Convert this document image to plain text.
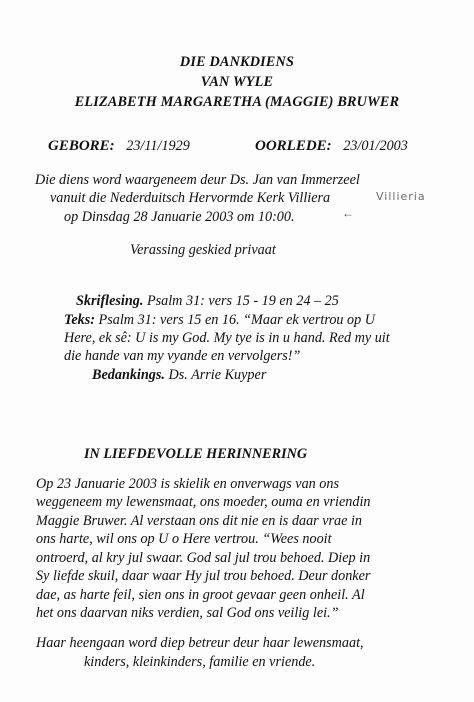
DIE DANKDIENS
VAN WYLE
ELIZABETH MARGARETHA (MAGGIE) BRUWER
GEBORE: 23/11/1929	OORLEDE: 23/01/2003
Die diens word waargeneem deur Ds. Jan van Immerzeel
vanuit die Nederduitsch Hervormde Kerk Villiera	Villieria
op Dinsdag 28 Januarie 2003 om 10:00.	←
Verassing geskied privaat
Skriflesing. Psalm 31: vers 15 - 19 en 24 – 25
Teks: Psalm 31: vers 15 en 16. “Maar ek vertrou op U
Here, ek sê: U is my God. My tye is in u hand. Red my uit
die hande van my vyande en vervolgers!”
Bedankings. Ds. Arrie Kuyper
IN LIEFDEVOLLE HERINNERING
Op 23 Januarie 2003 is skielik en onverwags van ons
weggeneem my lewensmaat, ons moeder, ouma en vriendin
Maggie Bruwer. Al verstaan ons dit nie en is daar vrae in
ons harte, wil ons op U o Here vertrou. “Wees nooit
ontroerd, al kry jul swaar. God sal jul trou behoed. Diep in
Sy liefde skuil, daar waar Hy jul trou behoed. Deur donker
dae, as harte feil, sien ons in groot gevaar geen onheil. Al
het ons daarvan niks verdien, sal God ons veilig lei.”
Haar heengaan word diep betreur deur haar lewensmaat,
kinders, kleinkinders, familie en vriende.
